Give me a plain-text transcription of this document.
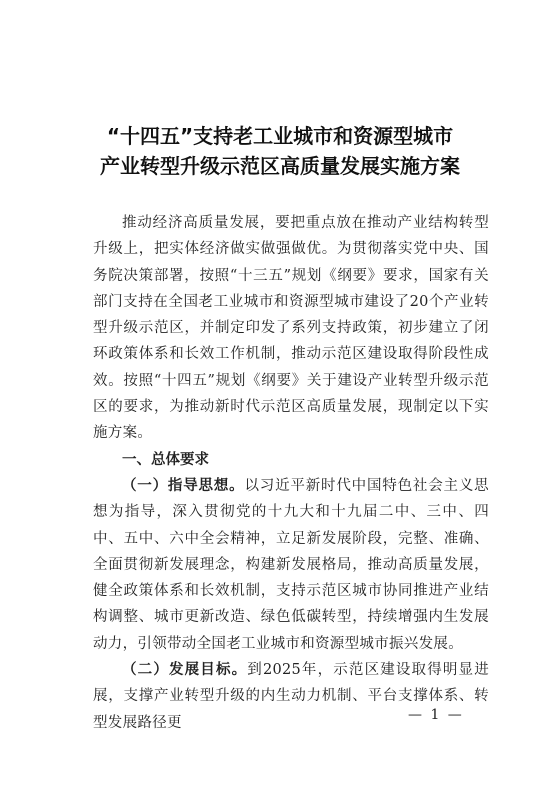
“十四五”支持老工业城市和资源型城市
产业转型升级示范区高质量发展实施方案

推动经济高质量发展，要把重点放在推动产业结构转型升级上，把实体经济做实做强做优。为贯彻落实党中央、国务院决策部署，按照“十三五”规划《纲要》要求，国家有关部门支持在全国老工业城市和资源型城市建设了20个产业转型升级示范区，并制定印发了系列支持政策，初步建立了闭环政策体系和长效工作机制，推动示范区建设取得阶段性成效。按照“十四五”规划《纲要》关于建设产业转型升级示范区的要求，为推动新时代示范区高质量发展，现制定以下实施方案。

一、总体要求

（一）指导思想。以习近平新时代中国特色社会主义思想为指导，深入贯彻党的十九大和十九届二中、三中、四中、五中、六中全会精神，立足新发展阶段，完整、准确、全面贯彻新发展理念，构建新发展格局，推动高质量发展，健全政策体系和长效机制，支持示范区城市协同推进产业结构调整、城市更新改造、绿色低碳转型，持续增强内生发展动力，引领带动全国老工业城市和资源型城市振兴发展。

（二）发展目标。到2025年，示范区建设取得明显进展，支撑产业转型升级的内生动力机制、平台支撑体系、转型发展路径更	— 1 —
